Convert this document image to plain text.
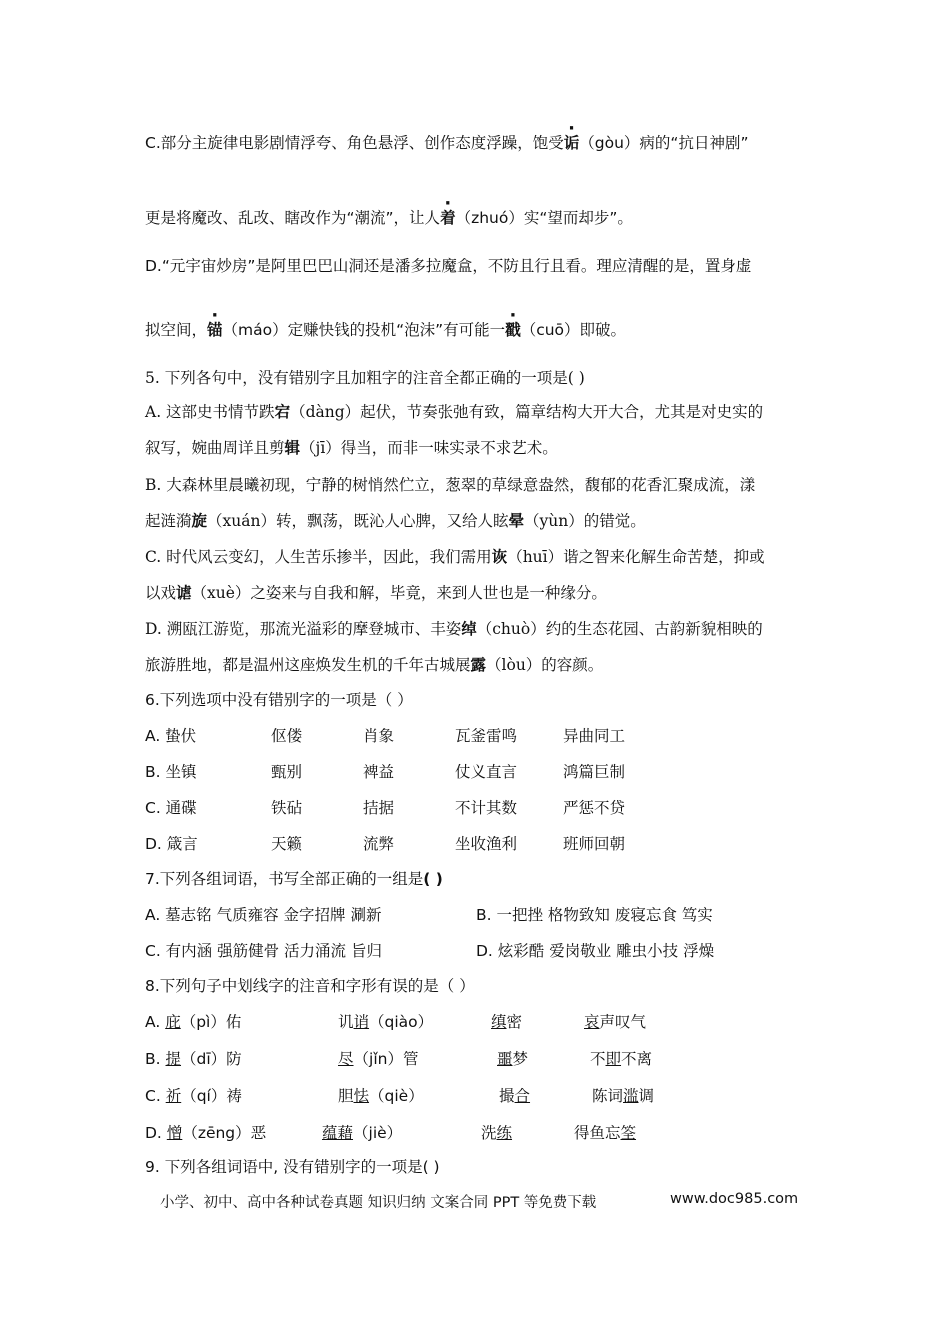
C.部分主旋律电影剧情浮夸、角色悬浮、创作态度浮躁，饱受诟（gòu）病的“抗日神剧”
更是将魔改、乱改、瞎改作为“潮流”，让人着（zhuó）实“望而却步”。
D.“元宇宙炒房”是阿里巴巴山洞还是潘多拉魔盒，不防且行且看。理应清醒的是，置身虚
拟空间，锚（máo）定赚快钱的投机“泡沫”有可能一戳（cuō）即破。
5. 下列各句中，没有错别字且加粗字的注音全都正确的一项是( )
A. 这部史书情节跌宕（dàng）起伏，节奏张弛有致，篇章结构大开大合，尤其是对史实的
叙写，婉曲周详且剪辑（jī）得当，而非一味实录不求艺术。
B. 大森林里晨曦初现，宁静的树悄然伫立，葱翠的草绿意盎然，馥郁的花香汇聚成流，漾
起涟漪旋（xuán）转，飘荡，既沁人心脾，又给人眩晕（yùn）的错觉。
C. 时代风云变幻，人生苦乐掺半，因此，我们需用诙（huī）谐之智来化解生命苦楚，抑或
以戏谑（xuè）之姿来与自我和解，毕竟，来到人世也是一种缘分。
D. 溯瓯江游览，那流光溢彩的摩登城市、丰姿绰（chuò）约的生态花园、古韵新貌相映的
旅游胜地，都是温州这座焕发生机的千年古城展露（lòu）的容颜。
6.下列选项中没有错别字的一项是（ ）
A. 蛰伏	伛偻	肖象	瓦釜雷鸣	异曲同工
B. 坐镇	甄别	裨益	仗义直言	鸿篇巨制
C. 通碟	铁砧	拮据	不计其数	严惩不贷
D. 箴言	天籁	流弊	坐收渔利	班师回朝
7.下列各组词语，书写全部正确的一组是( )
A. 墓志铭 气质雍容 金字招牌 涮新	B. 一把挫 格物致知 废寝忘食 笃实
C. 有内涵 强筋健骨 活力涌流 旨归	D. 炫彩酷 爱岗敬业 雕虫小技 浮燥
8.下列句子中划线字的注音和字形有误的是（ ）
A. 庇（pì）佑	讥诮（qiào）	缜密	哀声叹气
B. 提（dī）防	尽（jǐn）管	噩梦	不即不离
C. 祈（qí）祷	胆怯（qiè）	撮合	陈词滥调
D. 憎（zēng）恶	蕴藉（jiè）	洗练	得鱼忘筌
9. 下列各组词语中, 没有错别字的一项是( )
小学、初中、高中各种试卷真题 知识归纳 文案合同 PPT 等免费下载	www.doc985.com
